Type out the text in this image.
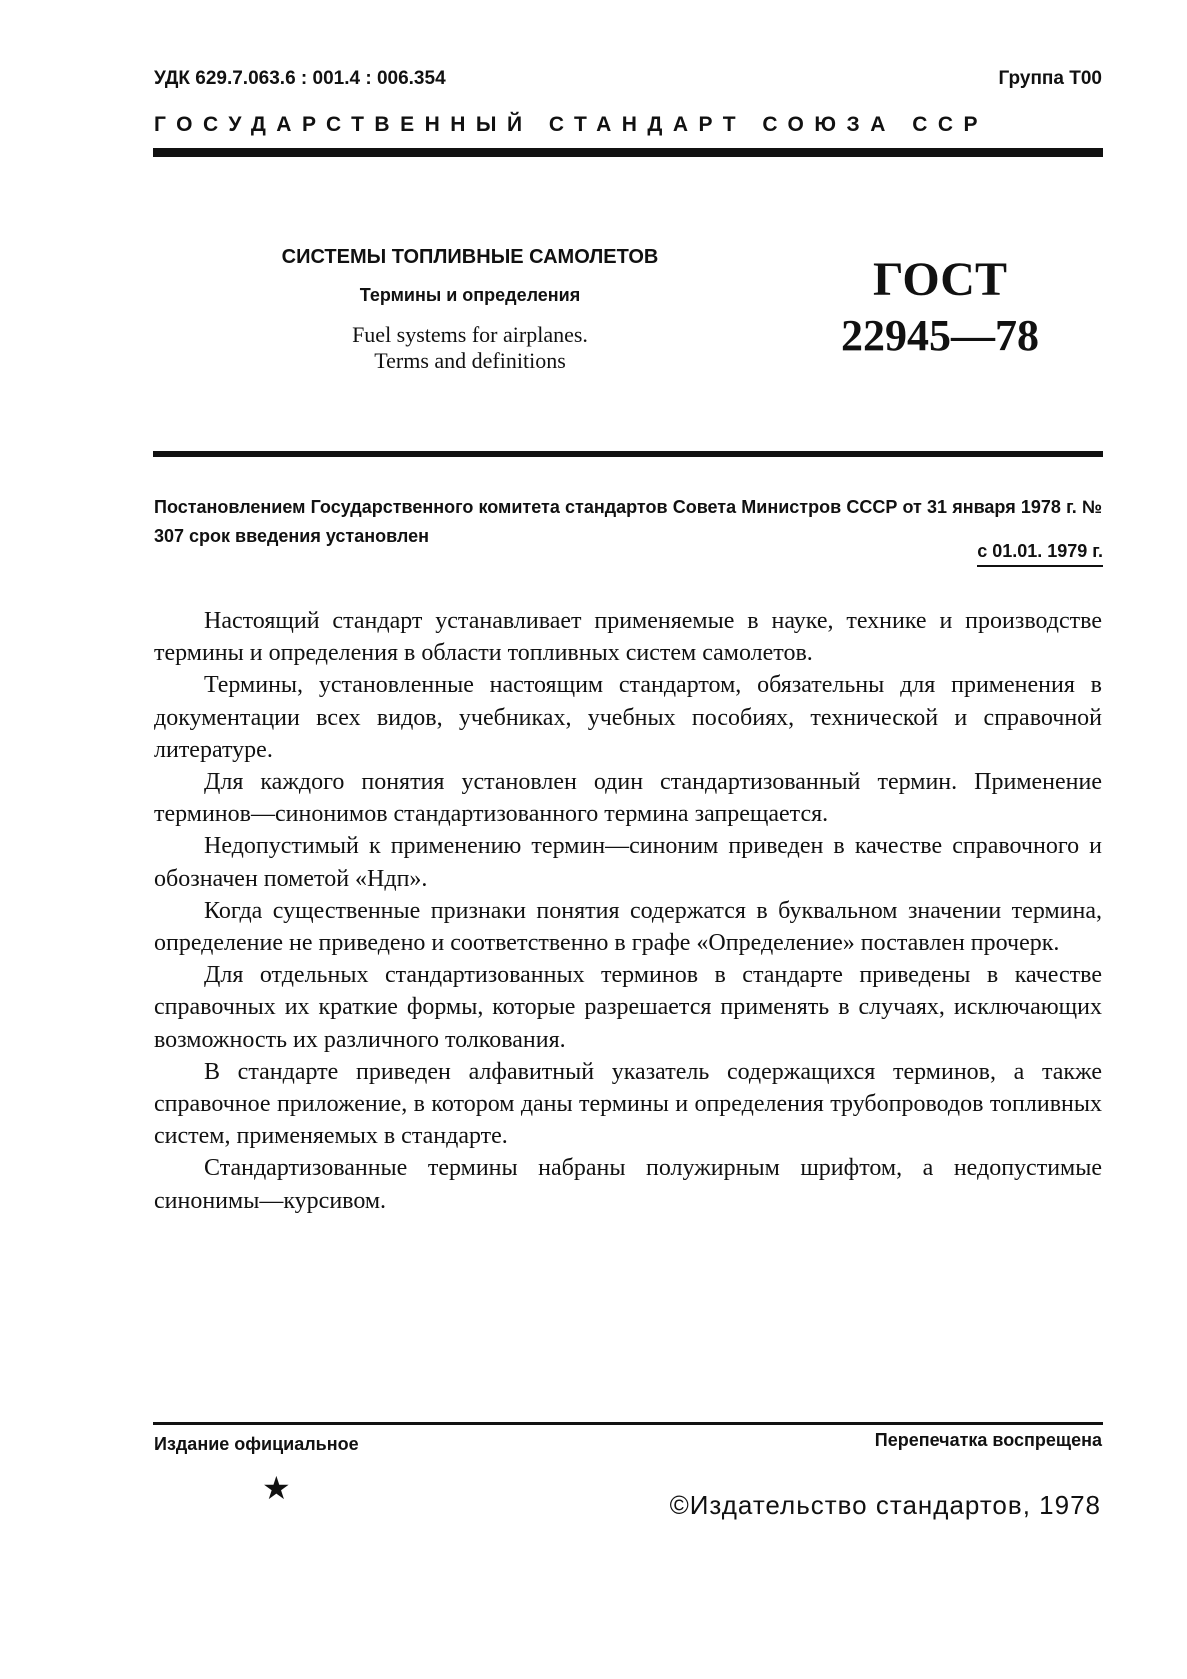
УДК 629.7.063.6 : 001.4 : 006.354	Группа Т00
ГОСУДАРСТВЕННЫЙ СТАНДАРТ СОЮЗА ССР
СИСТЕМЫ ТОПЛИВНЫЕ САМОЛЕТОВ
Термины и определения
Fuel systems for airplanes.
Terms and definitions
ГОСТ
22945—78
Постановлением Государственного комитета стандартов Совета Министров СССР от 31 января 1978 г. № 307 срок введения установлен
с 01.01. 1979 г.

Настоящий стандарт устанавливает применяемые в науке, технике и производстве термины и определения в области топливных систем самолетов.

Термины, установленные настоящим стандартом, обязательны для применения в документации всех видов, учебниках, учебных пособиях, технической и справочной литературе.

Для каждого понятия установлен один стандартизованный термин. Применение терминов—синонимов стандартизованного термина запрещается.

Недопустимый к применению термин—синоним приведен в качестве справочного и обозначен пометой «Ндп».

Когда существенные признаки понятия содержатся в буквальном значении термина, определение не приведено и соответственно в графе «Определение» поставлен прочерк.

Для отдельных стандартизованных терминов в стандарте приведены в качестве справочных их краткие формы, которые разрешается применять в случаях, исключающих возможность их различного толкования.

В стандарте приведен алфавитный указатель содержащихся терминов, а также справочное приложение, в котором даны термины и определения трубопроводов топливных систем, применяемых в стандарте.

Стандартизованные термины набраны полужирным шрифтом, а недопустимые синонимы—курсивом.

Издание официальное	Перепечатка воспрещена
★	©Издательство стандартов, 1978
